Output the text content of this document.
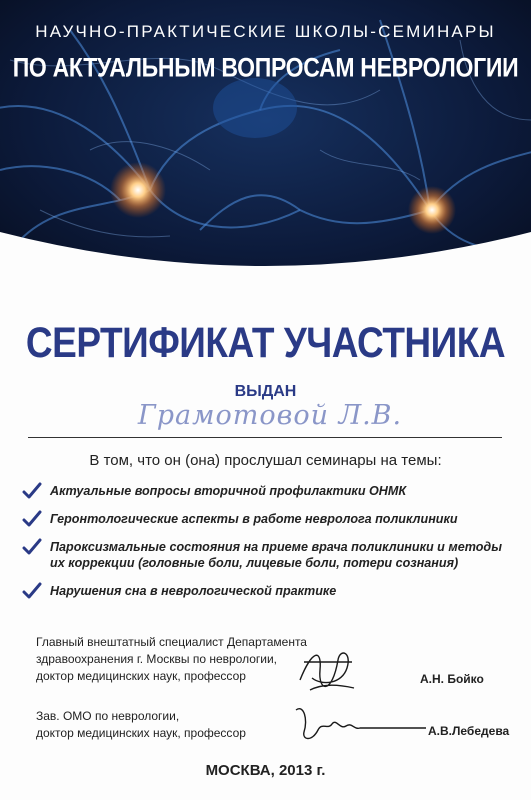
НАУЧНО-ПРАКТИЧЕСКИЕ ШКОЛЫ-СЕМИНАРЫ
ПО АКТУАЛЬНЫМ ВОПРОСАМ НЕВРОЛОГИИ
СЕРТИФИКАТ УЧАСТНИКА
ВЫДАН
Грамотовой Л.В.
В том, что он (она) прослушал семинары на темы:
Актуальные вопросы вторичной профилактики ОНМК
Геронтологические аспекты в работе невролога поликлиники
Пароксизмальные состояния на приеме врача поликлиники и методы их коррекции (головные боли, лицевые боли, потери сознания)
Нарушения сна в неврологической практике
Главный внештатный специалист Департамента
здравоохранения г. Москвы по неврологии,
доктор медицинских наук, профессор	А.Н. Бойко
Зав. ОМО по неврологии,
доктор медицинских наук, профессор	А.В.Лебедева
МОСКВА, 2013 г.
